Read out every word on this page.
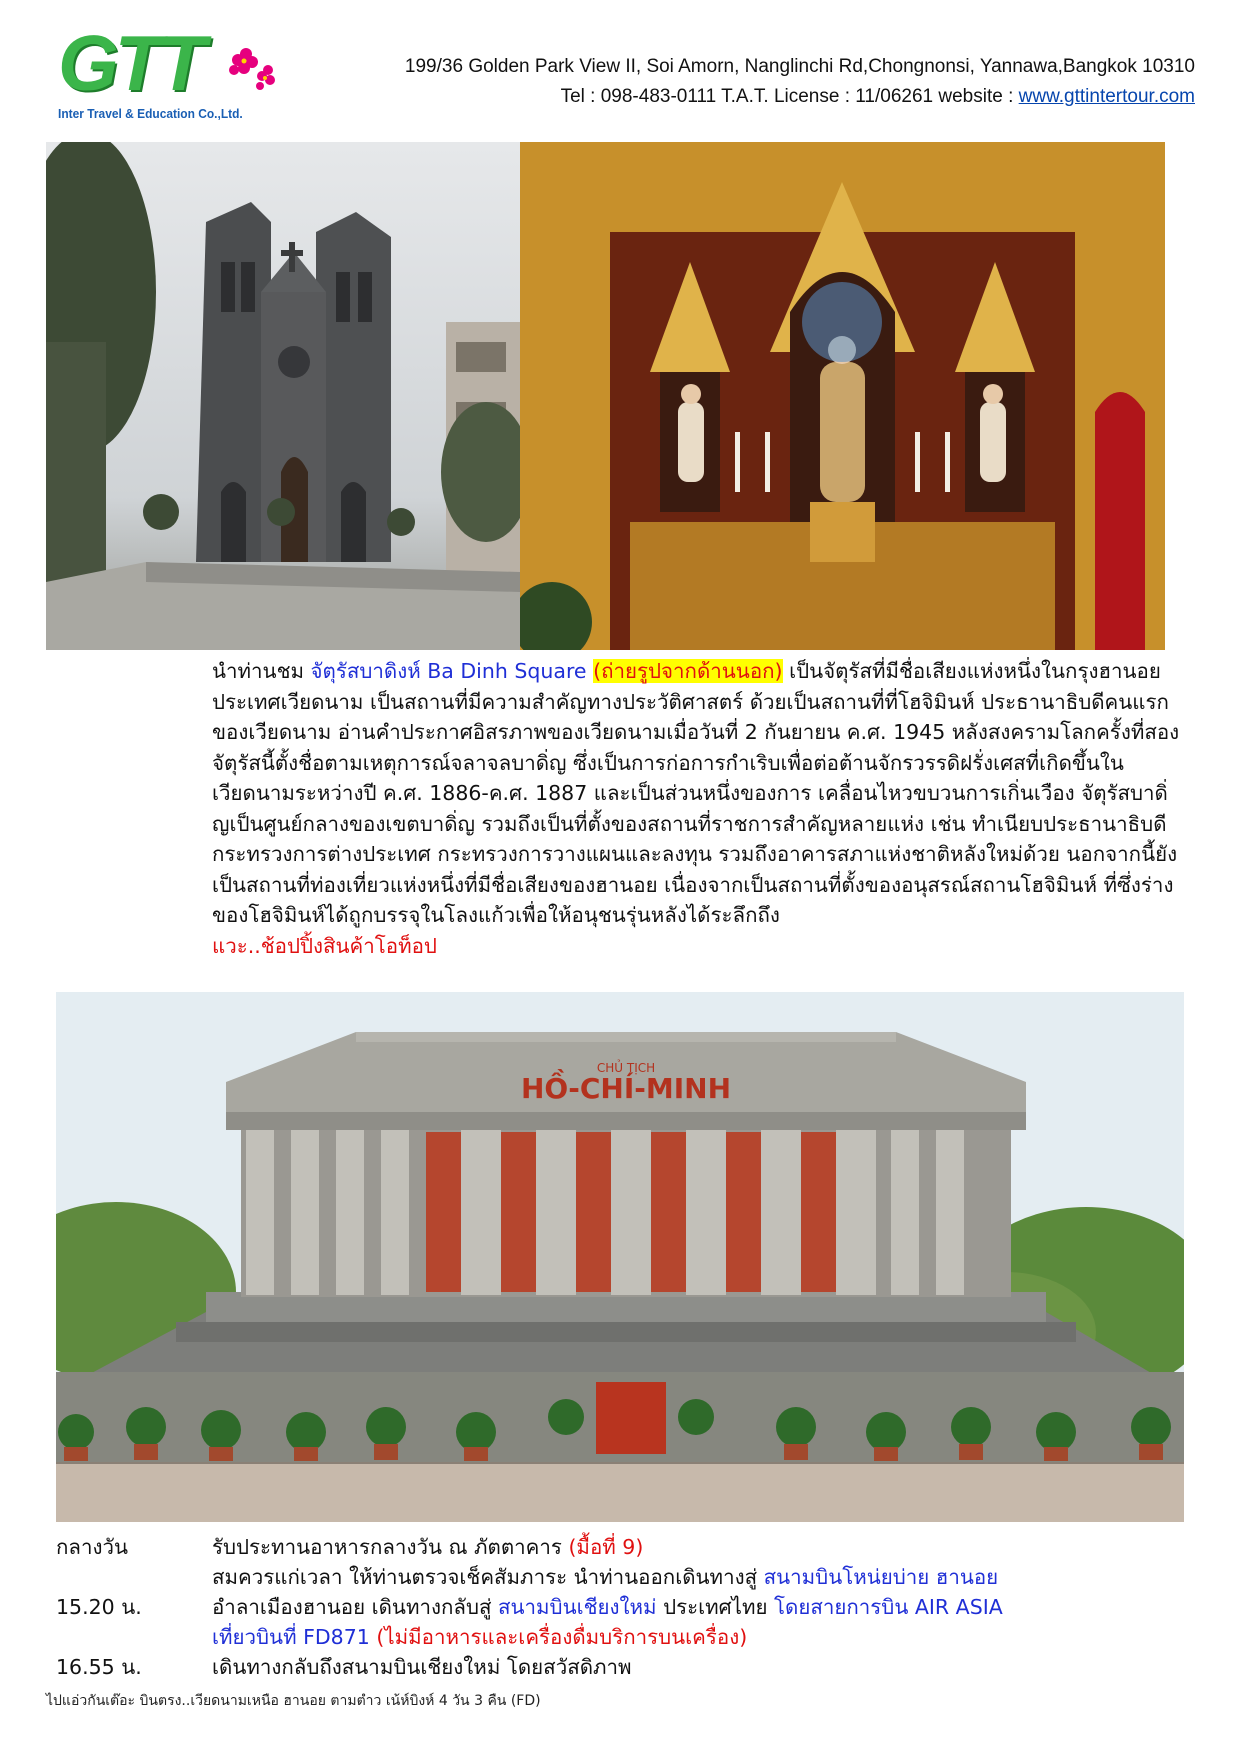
GTT
Inter Travel & Education Co.,Ltd.
199/36 Golden Park View II, Soi Amorn, Nanglinchi Rd,Chongnonsi, Yannawa,Bangkok 10310
Tel : 098-483-0111 T.A.T. License : 11/06261 website : www.gttintertour.com

นำท่านชม จัตุรัสบาดิงห์ Ba Dinh Square (ถ่ายรูปจากด้านนอก) เป็นจัตุรัสที่มีชื่อเสียงแห่งหนึ่งในกรุงฮานอย ประเทศเวียดนาม เป็นสถานที่มีความสำคัญทางประวัติศาสตร์ ด้วยเป็นสถานที่ที่โฮจิมินห์ ประธานาธิบดีคนแรกของเวียดนาม อ่านคำประกาศอิสรภาพของเวียดนามเมื่อวันที่ 2 กันยายน ค.ศ. 1945 หลังสงครามโลกครั้งที่สอง จัตุรัสนี้ตั้งชื่อตามเหตุการณ์จลาจลบาดิ่ญ ซึ่งเป็นการก่อการกำเริบเพื่อต่อต้านจักรวรรดิฝรั่งเศสที่เกิดขึ้นในเวียดนามระหว่างปี ค.ศ. 1886-ค.ศ. 1887 และเป็นส่วนหนึ่งของการ เคลื่อนไหวขบวนการเกิ่นเวือง จัตุรัสบาดิ่ญเป็นศูนย์กลางของเขตบาดิ่ญ รวมถึงเป็นที่ตั้งของสถานที่ราชการสำคัญหลายแห่ง เช่น ทำเนียบประธานาธิบดี กระทรวงการต่างประเทศ กระทรวงการวางแผนและลงทุน รวมถึงอาคารสภาแห่งชาติหลังใหม่ด้วย นอกจากนี้ยังเป็นสถานที่ท่องเที่ยวแห่งหนึ่งที่มีชื่อเสียงของฮานอย เนื่องจากเป็นสถานที่ตั้งของอนุสรณ์สถานโฮจิมินห์ ที่ซึ่งร่างของโฮจิมินห์ได้ถูกบรรจุในโลงแก้วเพื่อให้อนุชนรุ่นหลังได้ระลึกถึง

แวะ..ช้อปปิ้งสินค้าโอท็อป

CHỦ TỊCH
HỒ-CHÍ-MINH
กลางวัน	รับประทานอาหารกลางวัน ณ ภัตตาคาร (มื้อที่ 9)
สมควรแก่เวลา ให้ท่านตรวจเช็คสัมภาระ นำท่านออกเดินทางสู่ สนามบินโหน่ยบ่าย ฮานอย
15.20 น.	อำลาเมืองฮานอย เดินทางกลับสู่ สนามบินเชียงใหม่ ประเทศไทย โดยสายการบิน AIR ASIA
เที่ยวบินที่ FD871 (ไม่มีอาหารและเครื่องดื่มบริการบนเครื่อง)
16.55 น.	เดินทางกลับถึงสนามบินเชียงใหม่ โดยสวัสดิภาพ
ไปแอ่วกันเต๊อะ บินตรง..เวียดนามเหนือ ฮานอย ตามตำว เน้ห์บิงห์ 4 วัน 3 คืน (FD)
